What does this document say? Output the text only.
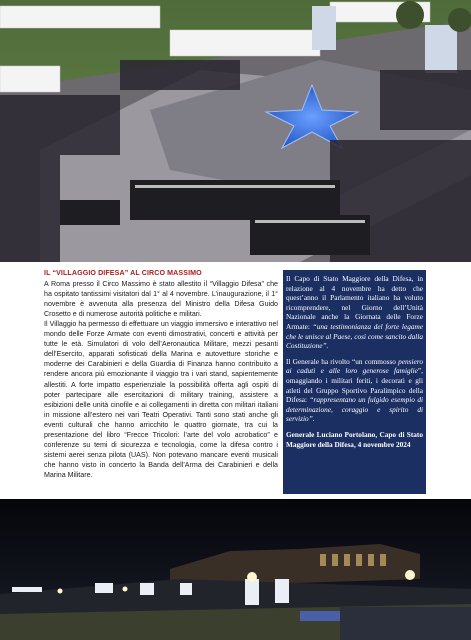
IL “VILLAGGIO DIFESA” AL CIRCO MASSIMO

A Roma presso il Circo Massimo è stato allestito il “Villaggio Difesa” che ha ospitato tantissimi visitatori dal 1° al 4 novembre. L’inaugurazione, il 1° novembre è avvenuta alla presenza del Ministro della Difesa Guido Crosetto e di numerose autorità politiche e militari.

Il Villaggio ha permesso di effettuare un viaggio immersivo e interattivo nel mondo delle Forze Armate con eventi dimostrativi, concerti e attività per tutte le età. Simulatori di volo dell’Aeronautica Militare, mezzi pesanti dell’Esercito, apparati sofisticati della Marina e autovetture storiche e moderne dei Carabinieri e della Guardia di Finanza hanno contribuito a rendere ancora più emozionante il viaggio tra i vari stand, sapientemente allestiti. A forte impatto esperienziale la possibilità offerta agli ospiti di poter partecipare alle esercitazioni di military training, assistere a esibizioni delle unità cinofile e ai collegamenti in diretta con militari italiani in missione all’estero nei vari Teatri Operativi. Tanti sono stati anche gli eventi culturali che hanno arricchito le quattro giornate, tra cui la presentazione del libro “Frecce Tricolori: l’arte del volo acrobatico” e conferenze su temi di sicurezza e tecnologia, come la difesa contro i sistemi aerei senza pilota (UAS). Non potevano mancare eventi musicali che hanno visto in concerto la Banda dell’Arma dei Carabinieri e della Marina Militare.

Il Capo di Stato Maggiore della Difesa, in relazione al 4 novembre ha detto che quest’anno il Parlamento italiano ha voluto ricomprendere, nel Giorno dell’Unità Nazionale anche la Giornata delle Forze Armate: “una testimonianza del forte legame che le unisce al Paese, così come sancito dalla Costituzione”.

Il Generale ha rivolto “un commosso pensiero ai caduti e alle loro generose famiglie”, omaggiando i militari feriti, i decorati e gli atleti del Gruppo Sportivo Paralimpico della Difesa: “rappresentano un fulgido esempio di determinazione, coraggio e spirito di servizio”.

Generale Luciano Portolano, Capo di Stato Maggiore della Difesa, 4 novembre 2024
